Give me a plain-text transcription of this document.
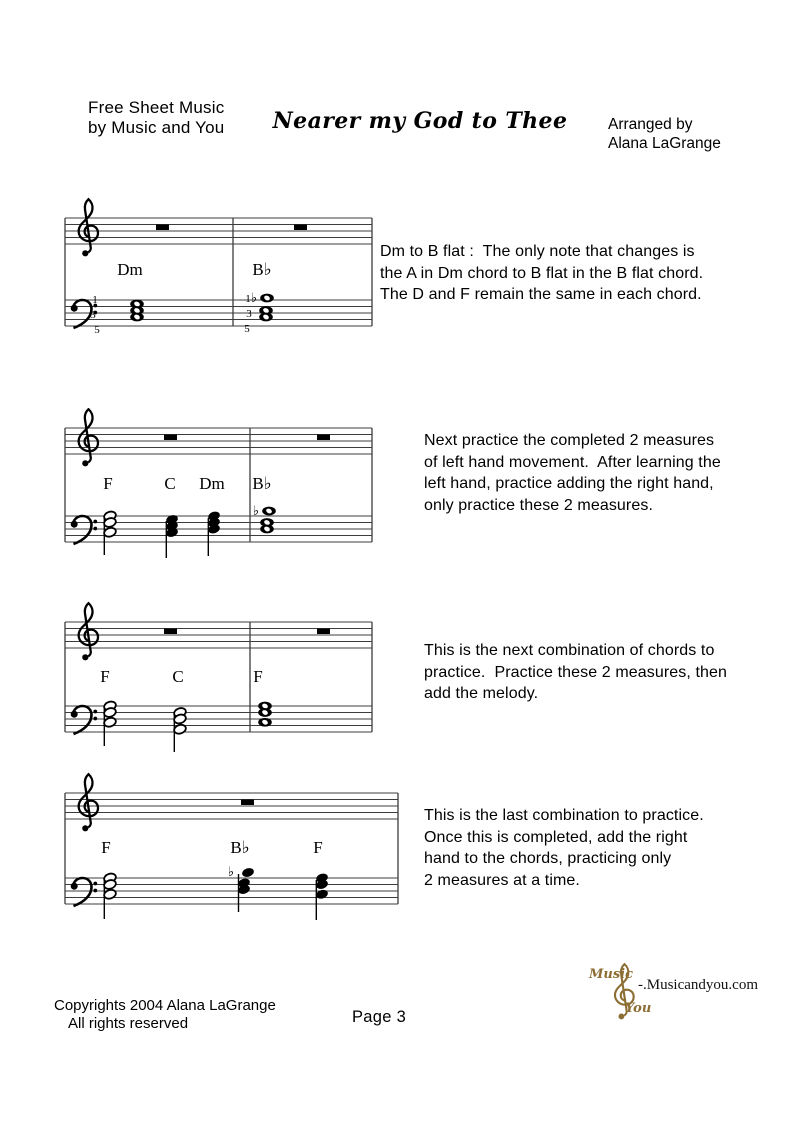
Free Sheet Music
by Music and You	Nearer my God to Thee	Arranged by
Alana LaGrange
Dm	B♭
1
3
5
1
3
5
♭
Dm to B flat :  The only note that changes is
the A in Dm chord to B flat in the B flat chord.
The D and F remain the same in each chord.
F	C Dm B♭
♭
Next practice the completed 2 measures
of left hand movement.  After learning the
left hand, practice adding the right hand,
only practice these 2 measures.
F	C	F
This is the next combination of chords to
practice.  Practice these 2 measures, then
add the melody.
F	B♭	F
♭
This is the last combination to practice.
Once this is completed, add the right
hand to the chords, practicing only
2 measures at a time.
Copyrights 2004 Alana LaGrange
All rights reserved	Page 3
Music
You
-.Musicandyou.com
